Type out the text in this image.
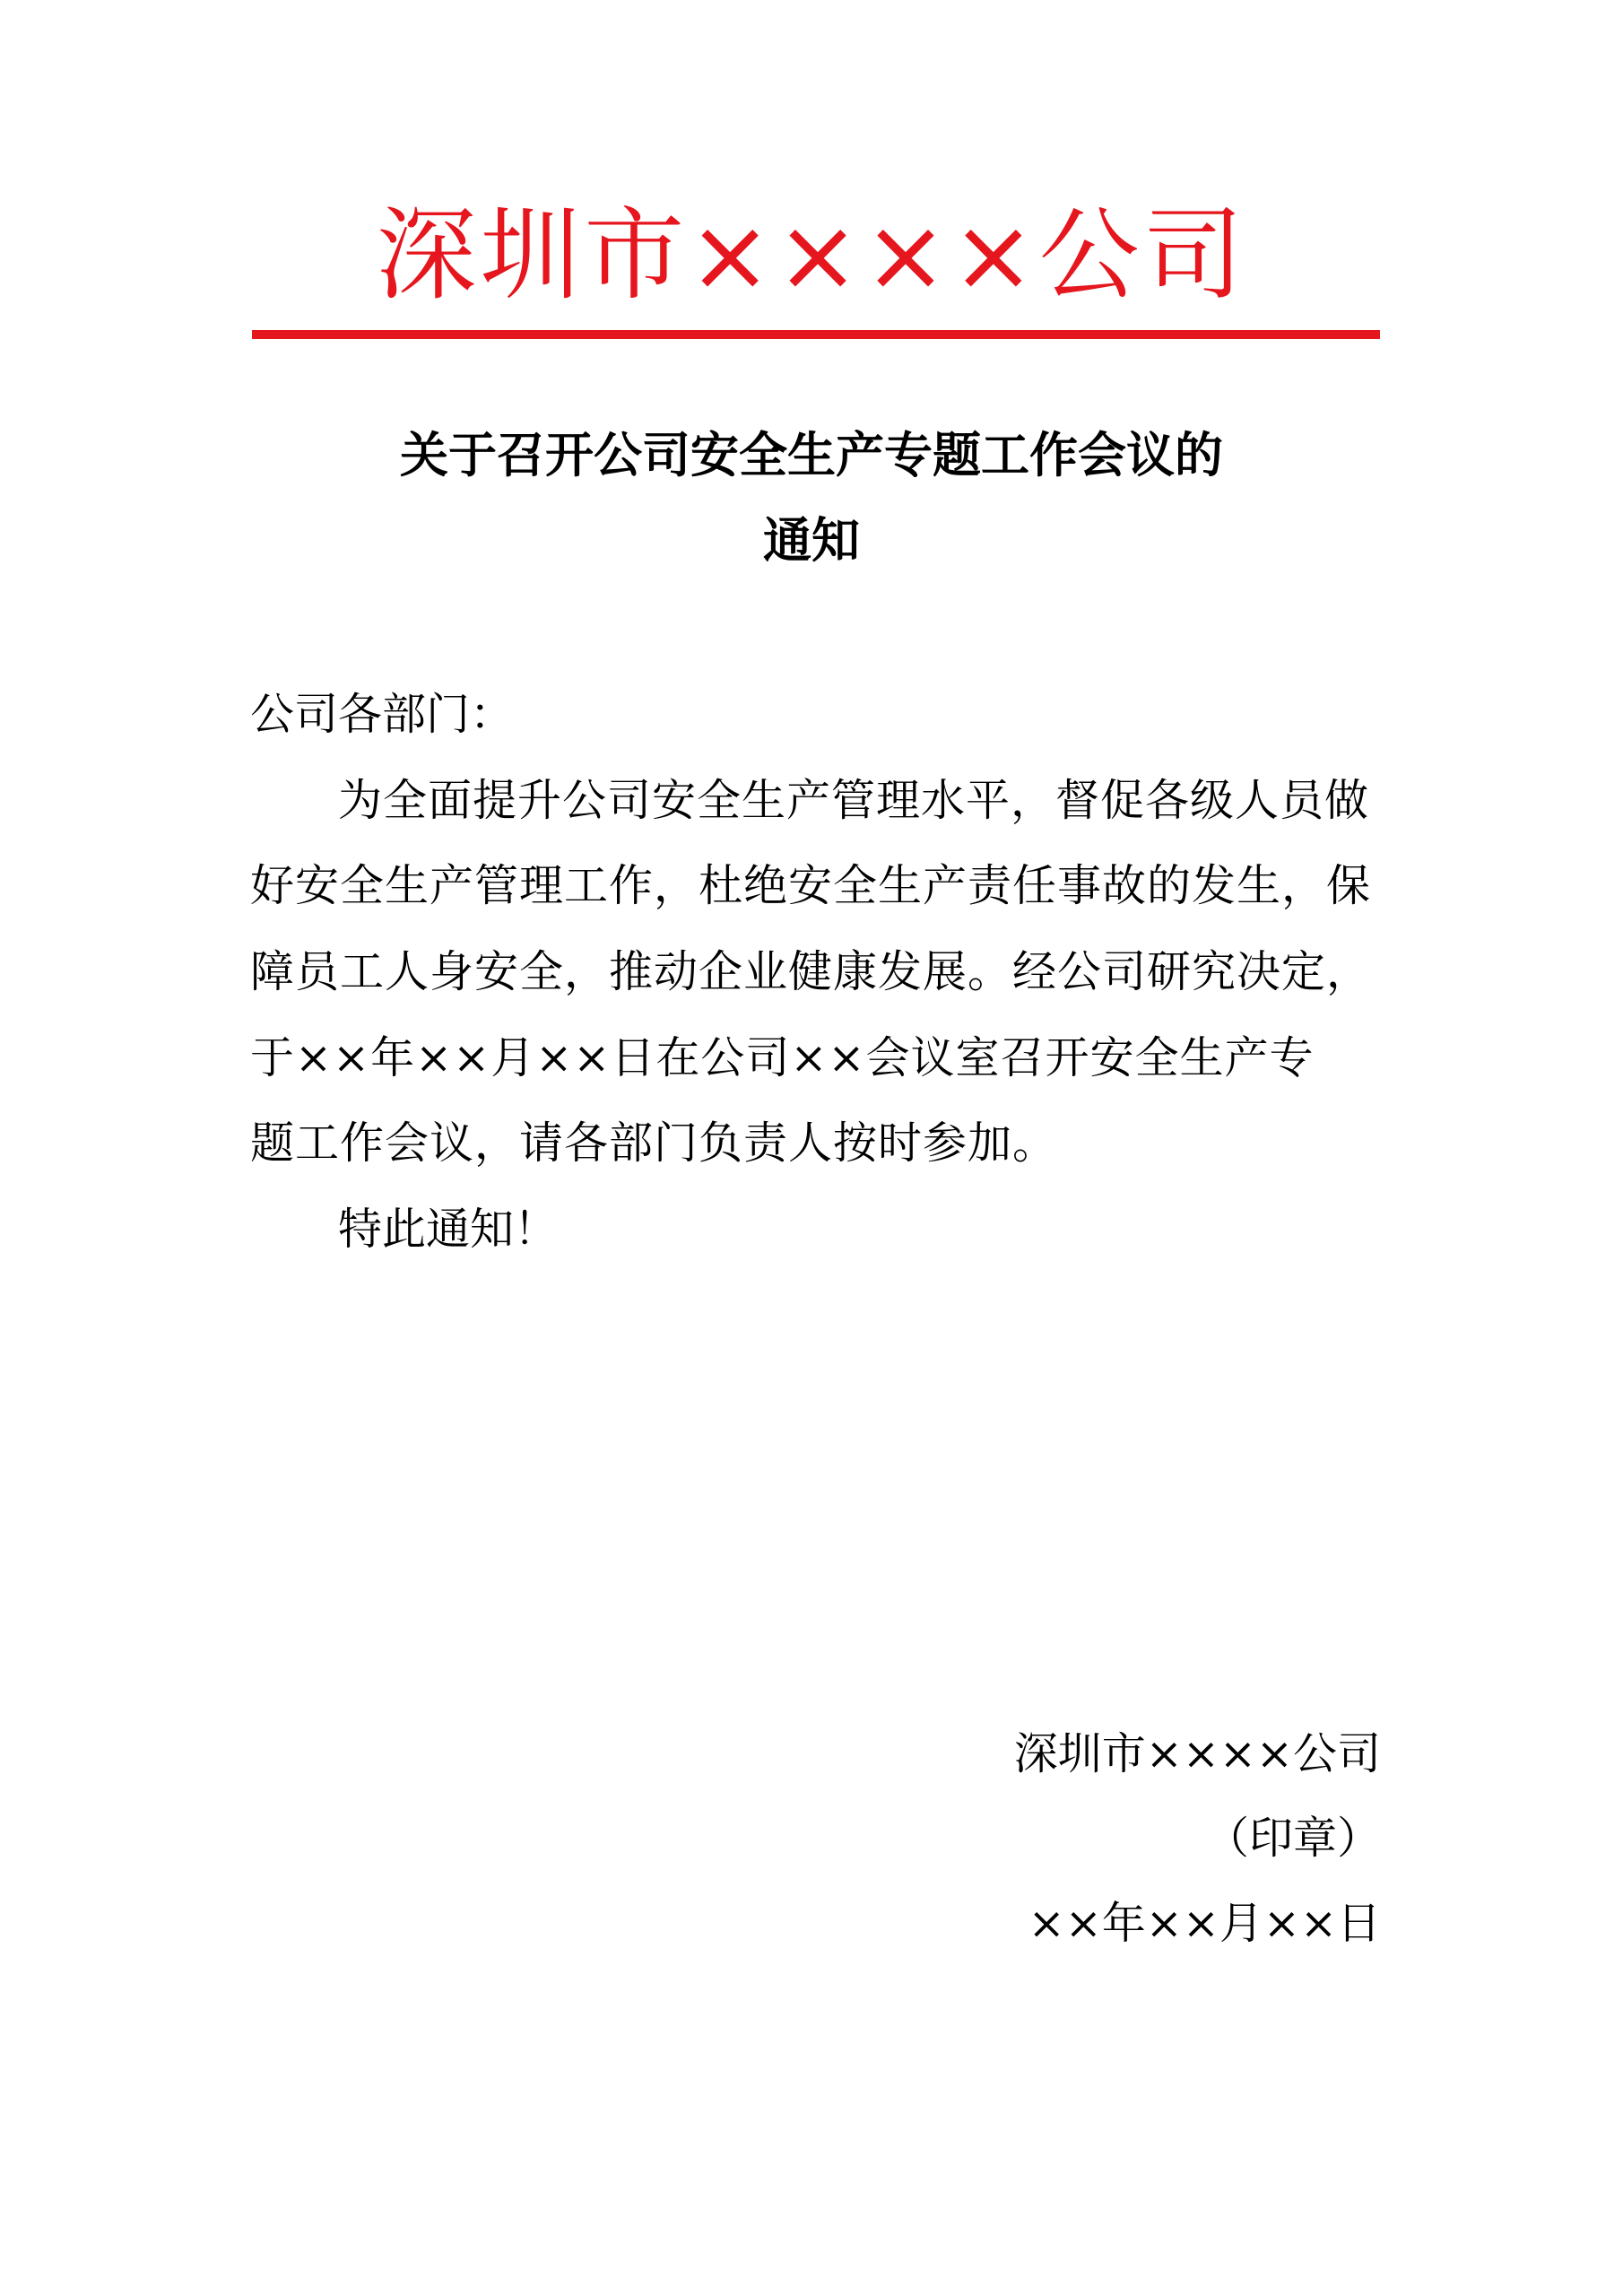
深圳市××××公司
关于召开公司安全生产专题工作会议的
通知
公司各部门：
为全面提升公司安全生产管理水平，督促各级人员做
好安全生产管理工作，杜绝安全生产责任事故的发生，保
障员工人身安全，推动企业健康发展。经公司研究决定，
于××年××月××日在公司××会议室召开安全生产专
题工作会议，请各部门负责人按时参加。
特此通知！
深圳市××××公司
（印章）
××年××月××日
